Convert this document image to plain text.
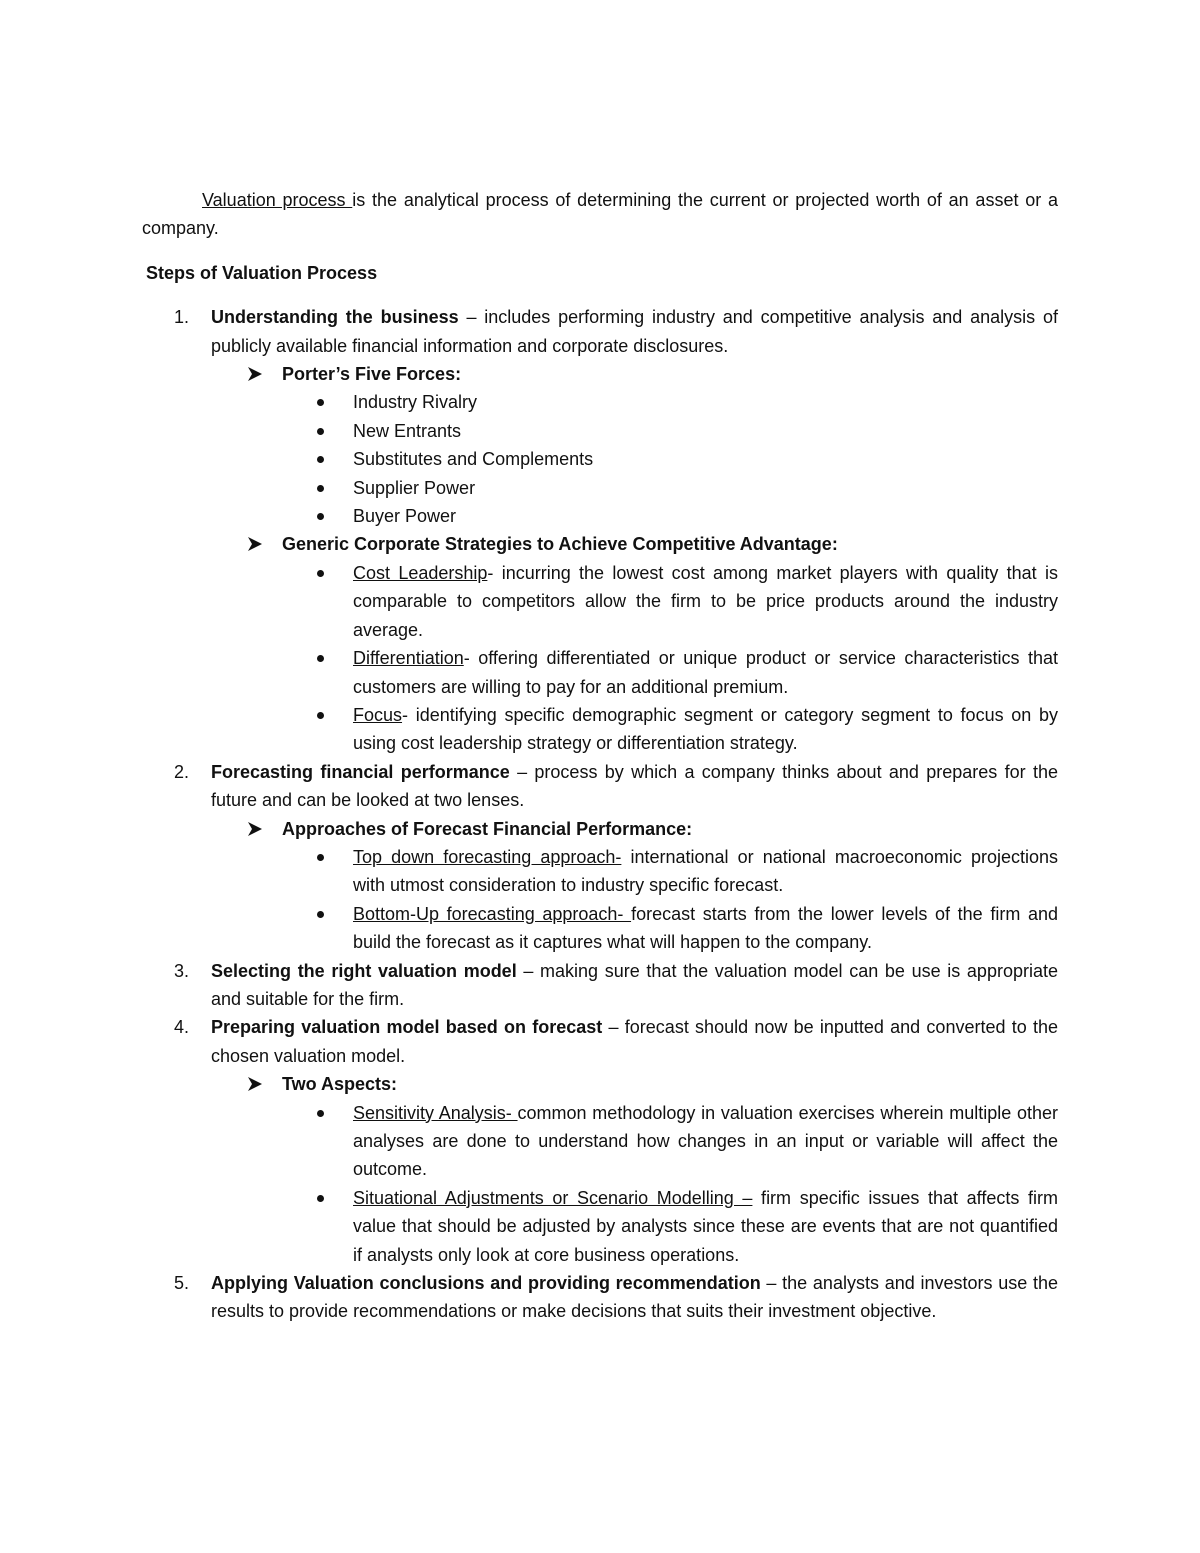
Valuation process is the analytical process of determining the current or projected worth of an asset or a company.

Steps of Valuation Process

1. Understanding the business – includes performing industry and competitive analysis and analysis of publicly available financial information and corporate disclosures.
Porter’s Five Forces:
Industry Rivalry
New Entrants
Substitutes and Complements
Supplier Power
Buyer Power
Generic Corporate Strategies to Achieve Competitive Advantage:
Cost Leadership- incurring the lowest cost among market players with quality that is comparable to competitors allow the firm to be price products around the industry average.
Differentiation- offering differentiated or unique product or service characteristics that customers are willing to pay for an additional premium.
Focus- identifying specific demographic segment or category segment to focus on by using cost leadership strategy or differentiation strategy.
2. Forecasting financial performance – process by which a company thinks about and prepares for the future and can be looked at two lenses.
Approaches of Forecast Financial Performance:
Top down forecasting approach- international or national macroeconomic projections with utmost consideration to industry specific forecast.
Bottom-Up forecasting approach- forecast starts from the lower levels of the firm and build the forecast as it captures what will happen to the company.
3. Selecting the right valuation model – making sure that the valuation model can be use is appropriate and suitable for the firm.
4. Preparing valuation model based on forecast – forecast should now be inputted and converted to the chosen valuation model.
Two Aspects:
Sensitivity Analysis- common methodology in valuation exercises wherein multiple other analyses are done to understand how changes in an input or variable will affect the outcome.
Situational Adjustments or Scenario Modelling – firm specific issues that affects firm value that should be adjusted by analysts since these are events that are not quantified if analysts only look at core business operations.
5. Applying Valuation conclusions and providing recommendation – the analysts and investors use the results to provide recommendations or make decisions that suits their investment objective.
